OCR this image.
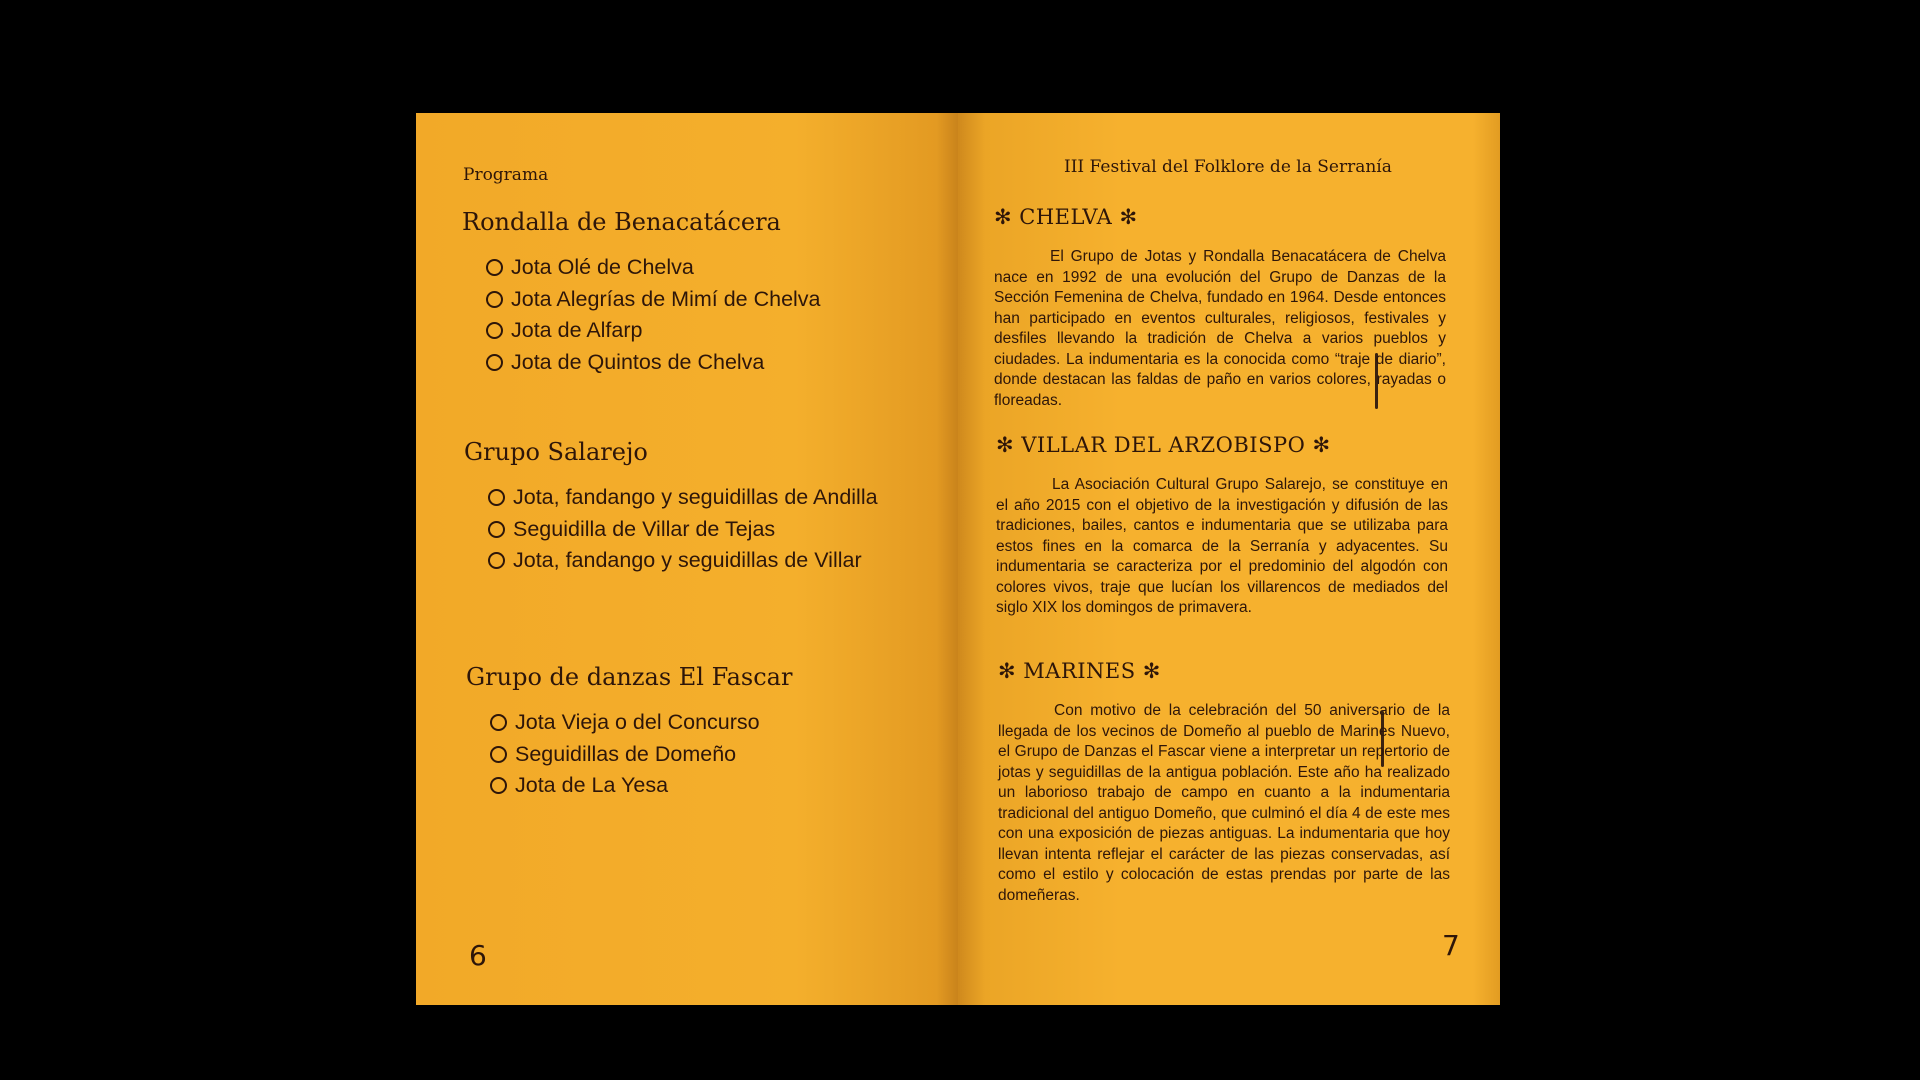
Programa
Rondalla de Benacatácera
Jota Olé de Chelva
Jota Alegrías de Mimí de Chelva
Jota de Alfarp
Jota de Quintos de Chelva
Grupo Salarejo
Jota, fandango y seguidillas de Andilla
Seguidilla de Villar de Tejas
Jota, fandango y seguidillas de Villar
Grupo de danzas El Fascar
Jota Vieja o del Concurso
Seguidillas de Domeño
Jota de La Yesa
6
III Festival del Folklore de la Serranía
✻ CHELVA ✻

El Grupo de Jotas y Rondalla Benacatácera de Chelva nace en 1992 de una evolución del Grupo de Danzas de la Sección Femenina de Chelva, fundado en 1964. Desde entonces han participado en eventos culturales, religiosos, festivales y desfiles llevando la tradición de Chelva a varios pueblos y ciudades. La indumentaria es la conocida como “traje de diario”, donde destacan las faldas de paño en varios colores, rayadas o floreadas.

✻ VILLAR DEL ARZOBISPO ✻

La Asociación Cultural Grupo Salarejo, se constituye en el año 2015 con el objetivo de la investigación y difusión de las tradiciones, bailes, cantos e indumentaria que se utilizaba para estos fines en la comarca de la Serranía y adyacentes. Su indumentaria se caracteriza por el predominio del algodón con colores vivos, traje que lucían los villarencos de mediados del siglo XIX los domingos de primavera.

✻ MARINES ✻

Con motivo de la celebración del 50 aniversario de la llegada de los vecinos de Domeño al pueblo de Marines Nuevo, el Grupo de Danzas el Fascar viene a interpretar un repertorio de jotas y seguidillas de la antigua población. Este año ha realizado un laborioso trabajo de campo en cuanto a la indumentaria tradicional del antiguo Domeño, que culminó el día 4 de este mes con una exposición de piezas antiguas. La indumentaria que hoy llevan intenta reflejar el carácter de las piezas conservadas, así como el estilo y colocación de estas prendas por parte de las domeñeras.

7
